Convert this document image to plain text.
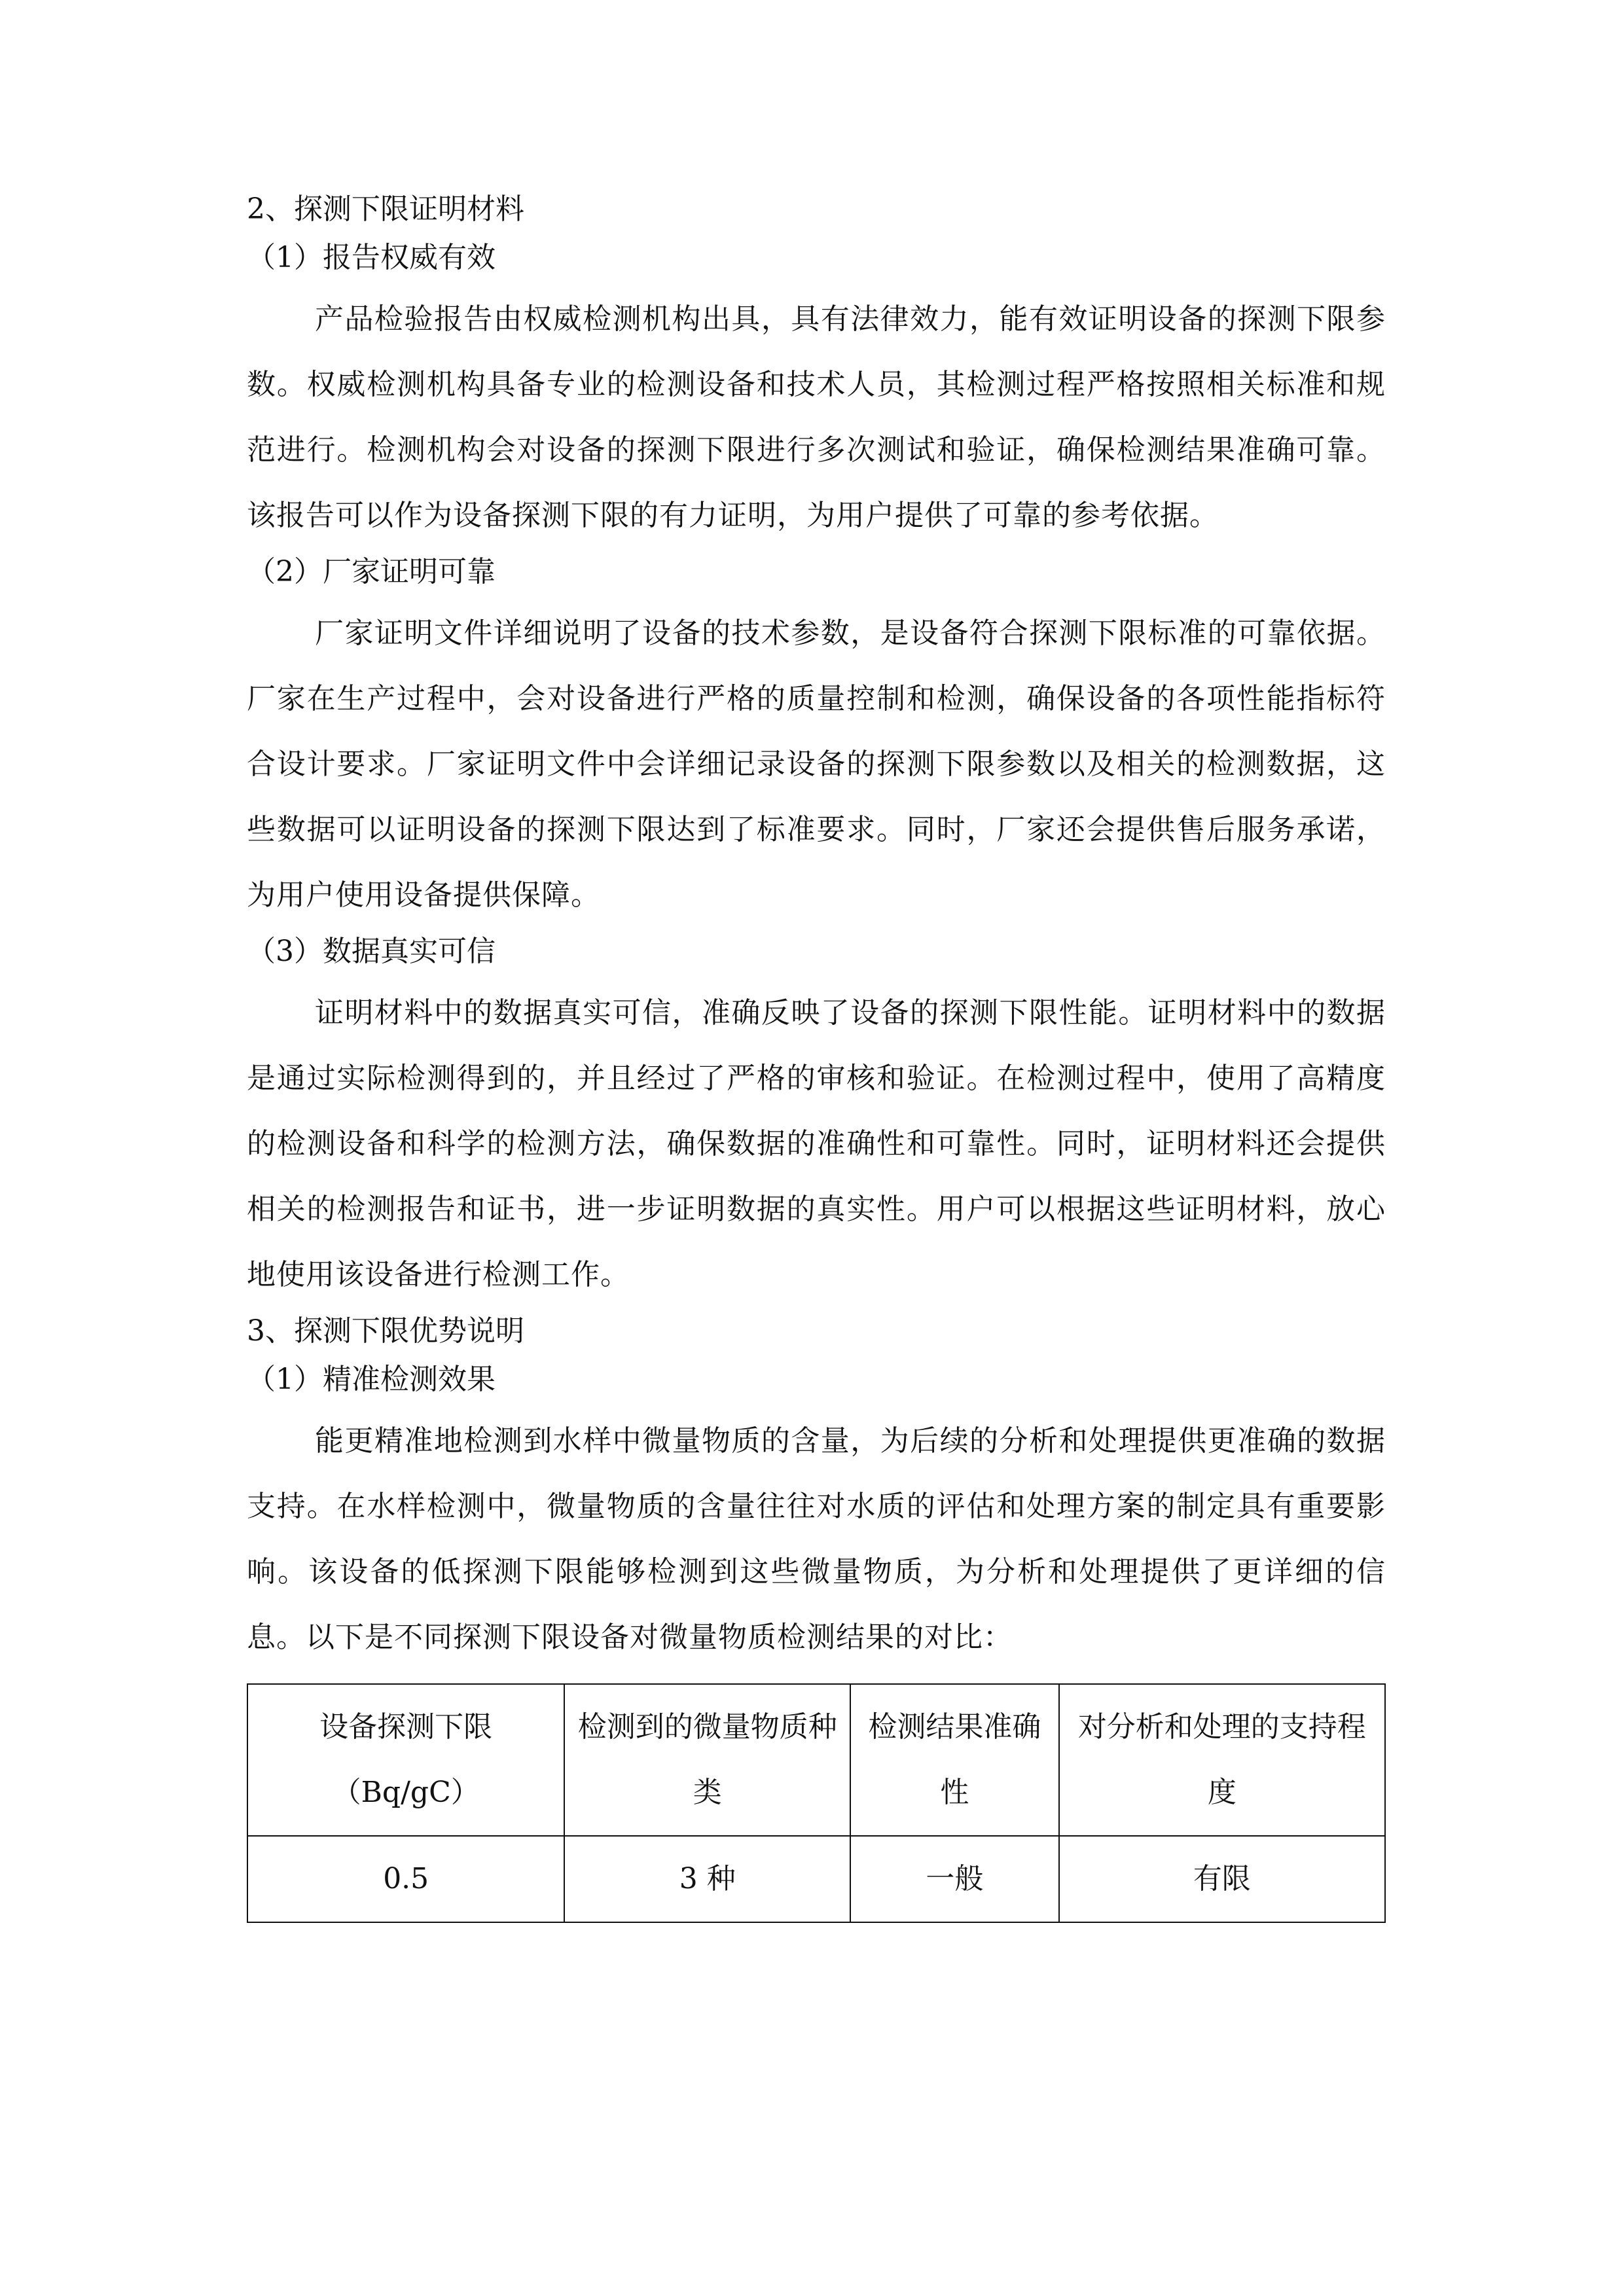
2、探测下限证明材料
（1）报告权威有效

产品检验报告由权威检测机构出具，具有法律效力，能有效证明设备的探测下限参数。权威检测机构具备专业的检测设备和技术人员，其检测过程严格按照相关标准和规范进行。检测机构会对设备的探测下限进行多次测试和验证，确保检测结果准确可靠。该报告可以作为设备探测下限的有力证明，为用户提供了可靠的参考依据。

（2）厂家证明可靠

厂家证明文件详细说明了设备的技术参数，是设备符合探测下限标准的可靠依据。厂家在生产过程中，会对设备进行严格的质量控制和检测，确保设备的各项性能指标符合设计要求。厂家证明文件中会详细记录设备的探测下限参数以及相关的检测数据，这些数据可以证明设备的探测下限达到了标准要求。同时，厂家还会提供售后服务承诺，为用户使用设备提供保障。

（3）数据真实可信

证明材料中的数据真实可信，准确反映了设备的探测下限性能。证明材料中的数据是通过实际检测得到的，并且经过了严格的审核和验证。在检测过程中，使用了高精度的检测设备和科学的检测方法，确保数据的准确性和可靠性。同时，证明材料还会提供相关的检测报告和证书，进一步证明数据的真实性。用户可以根据这些证明材料，放心地使用该设备进行检测工作。

3、探测下限优势说明
（1）精准检测效果

能更精准地检测到水样中微量物质的含量，为后续的分析和处理提供更准确的数据支持。在水样检测中，微量物质的含量往往对水质的评估和处理方案的制定具有重要影响。该设备的低探测下限能够检测到这些微量物质，为分析和处理提供了更详细的信息。以下是不同探测下限设备对微量物质检测结果的对比：

设备探测下限
（Bq/gC）	检测到的微量物质种类	检测结果准确性	对分析和处理的支持程度
0.5	3 种	一般	有限
